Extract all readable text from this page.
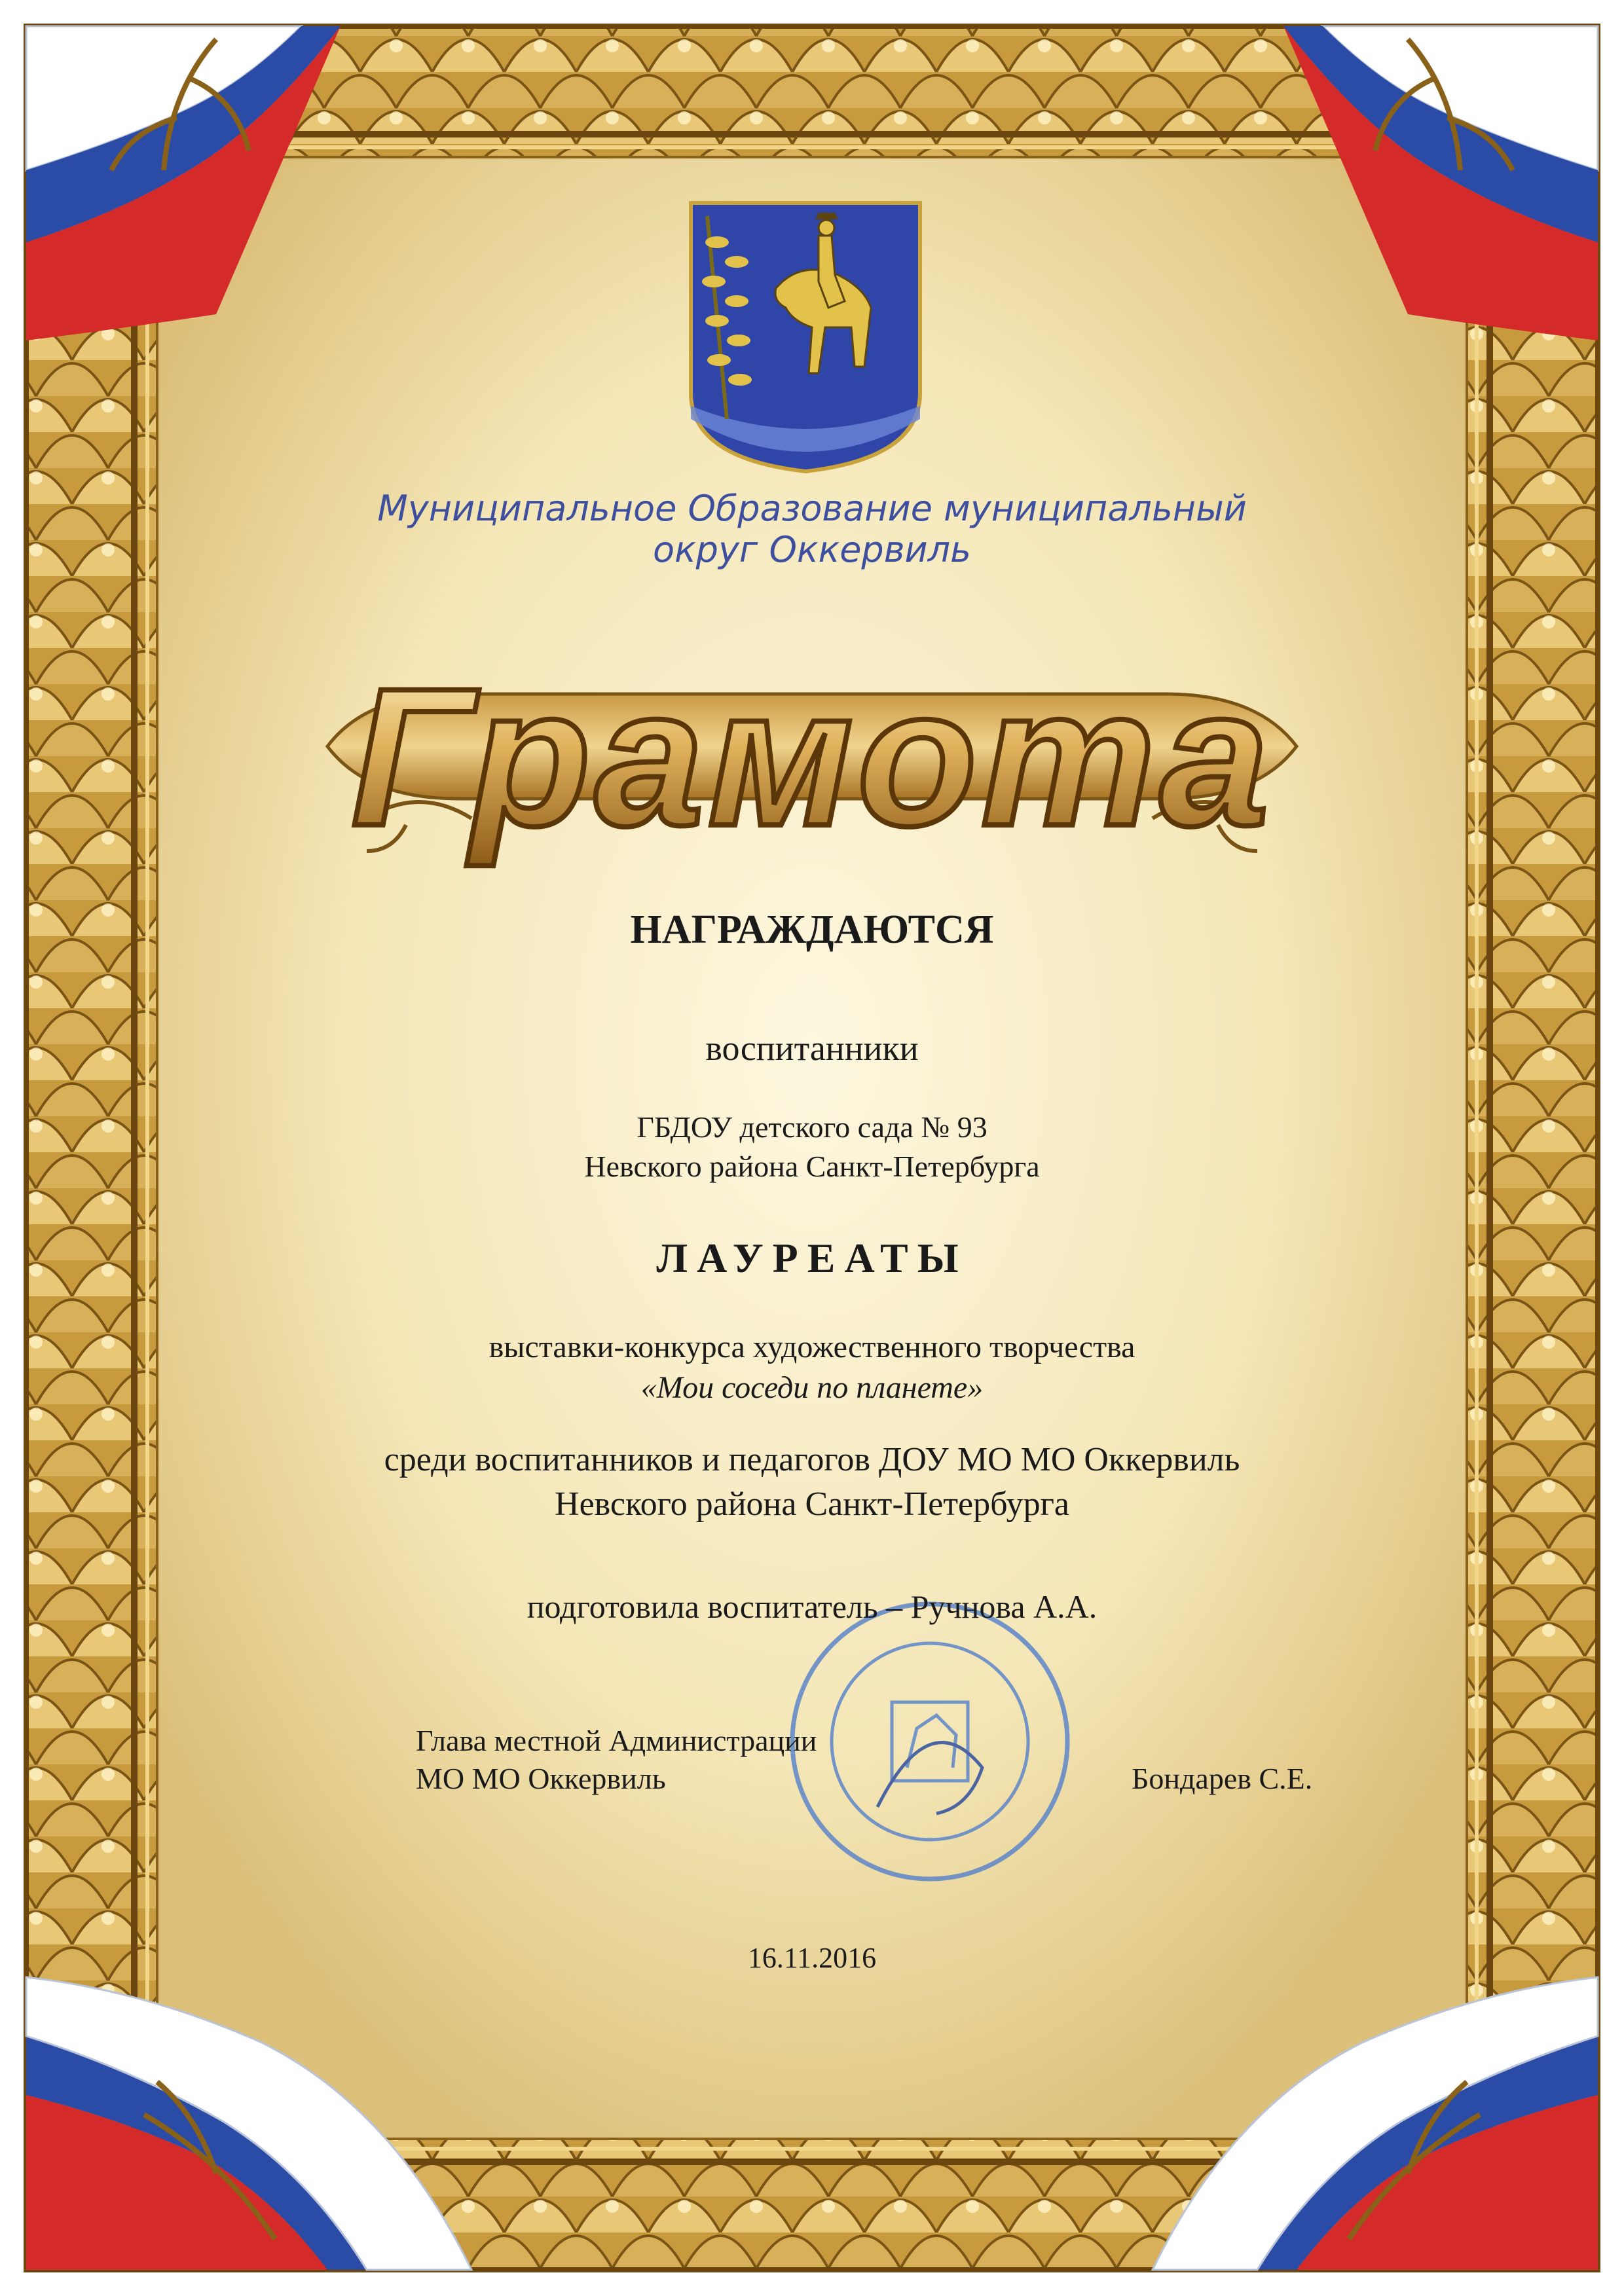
Муниципальное Образование муниципальный
округ Оккервиль
Грамота
НАГРАЖДАЮТСЯ
воспитанники
ГБДОУ детского сада № 93
Невского района Санкт-Петербурга
ЛАУРЕАТЫ
выставки-конкурса художественного творчества
«Мои соседи по планете»
среди воспитанников и педагогов ДОУ МО МО Оккервиль
Невского района Санкт-Петербурга
подготовила воспитатель – Ручнова А.А.
Глава местной Администрации
МО МО Оккервиль	Бондарев С.Е.
16.11.2016
